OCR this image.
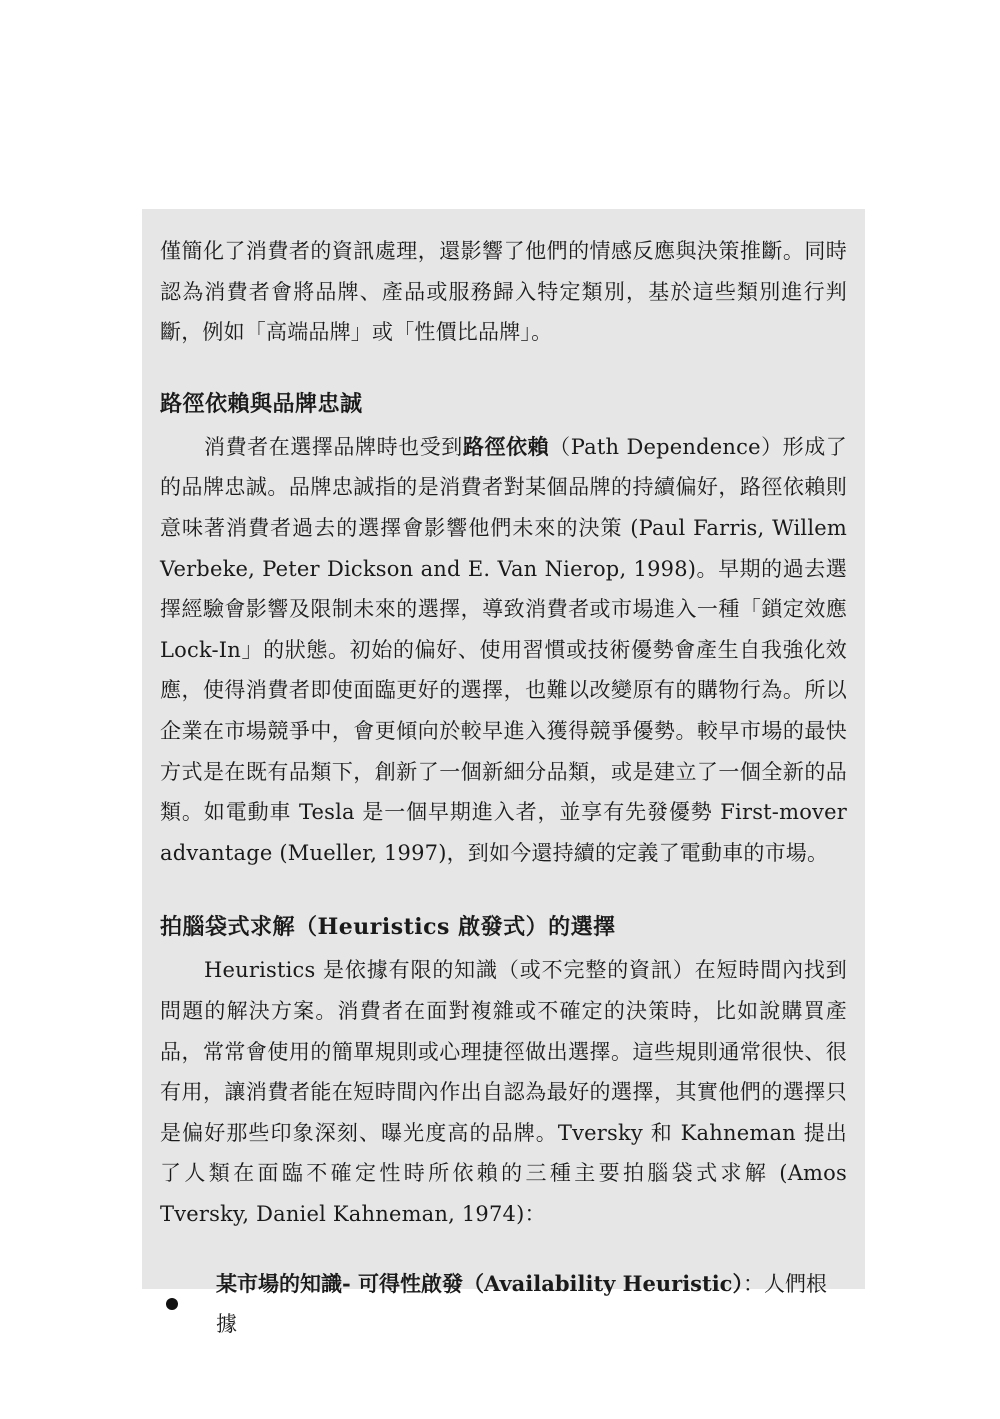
僅簡化了消費者的資訊處理，還影響了他們的情感反應與決策推斷。同時認為消費者會將品牌、產品或服務歸入特定類別，基於這些類別進行判斷，例如「高端品牌」或「性價比品牌」。

路徑依賴與品牌忠誠

消費者在選擇品牌時也受到路徑依賴（Path Dependence）形成了的品牌忠誠。品牌忠誠指的是消費者對某個品牌的持續偏好，路徑依賴則意味著消費者過去的選擇會影響他們未來的決策 (Paul Farris, Willem Verbeke, Peter Dickson and E. Van Nierop, 1998)。早期的過去選擇經驗會影響及限制未來的選擇，導致消費者或市場進入一種「鎖定效應 Lock-In」的狀態。初始的偏好、使用習慣或技術優勢會產生自我強化效應，使得消費者即使面臨更好的選擇，也難以改變原有的購物行為。所以企業在市場競爭中，會更傾向於較早進入獲得競爭優勢。較早市場的最快方式是在既有品類下，創新了一個新細分品類，或是建立了一個全新的品類。如電動車 Tesla 是一個早期進入者，並享有先發優勢 First-mover advantage (Mueller, 1997)，到如今還持續的定義了電動車的市場。

拍腦袋式求解（Heuristics 啟發式）的選擇

Heuristics 是依據有限的知識（或不完整的資訊）在短時間內找到問題的解決方案。消費者在面對複雜或不確定的決策時，比如說購買產品，常常會使用的簡單規則或心理捷徑做出選擇。這些規則通常很快、很有用，讓消費者能在短時間內作出自認為最好的選擇，其實他們的選擇只是偏好那些印象深刻、曝光度高的品牌。Tversky 和 Kahneman 提出了人類在面臨不確定性時所依賴的三種主要拍腦袋式求解 (Amos Tversky, Daniel Kahneman, 1974)：

某市場的知識- 可得性啟發（Availability Heuristic）：人們根據
